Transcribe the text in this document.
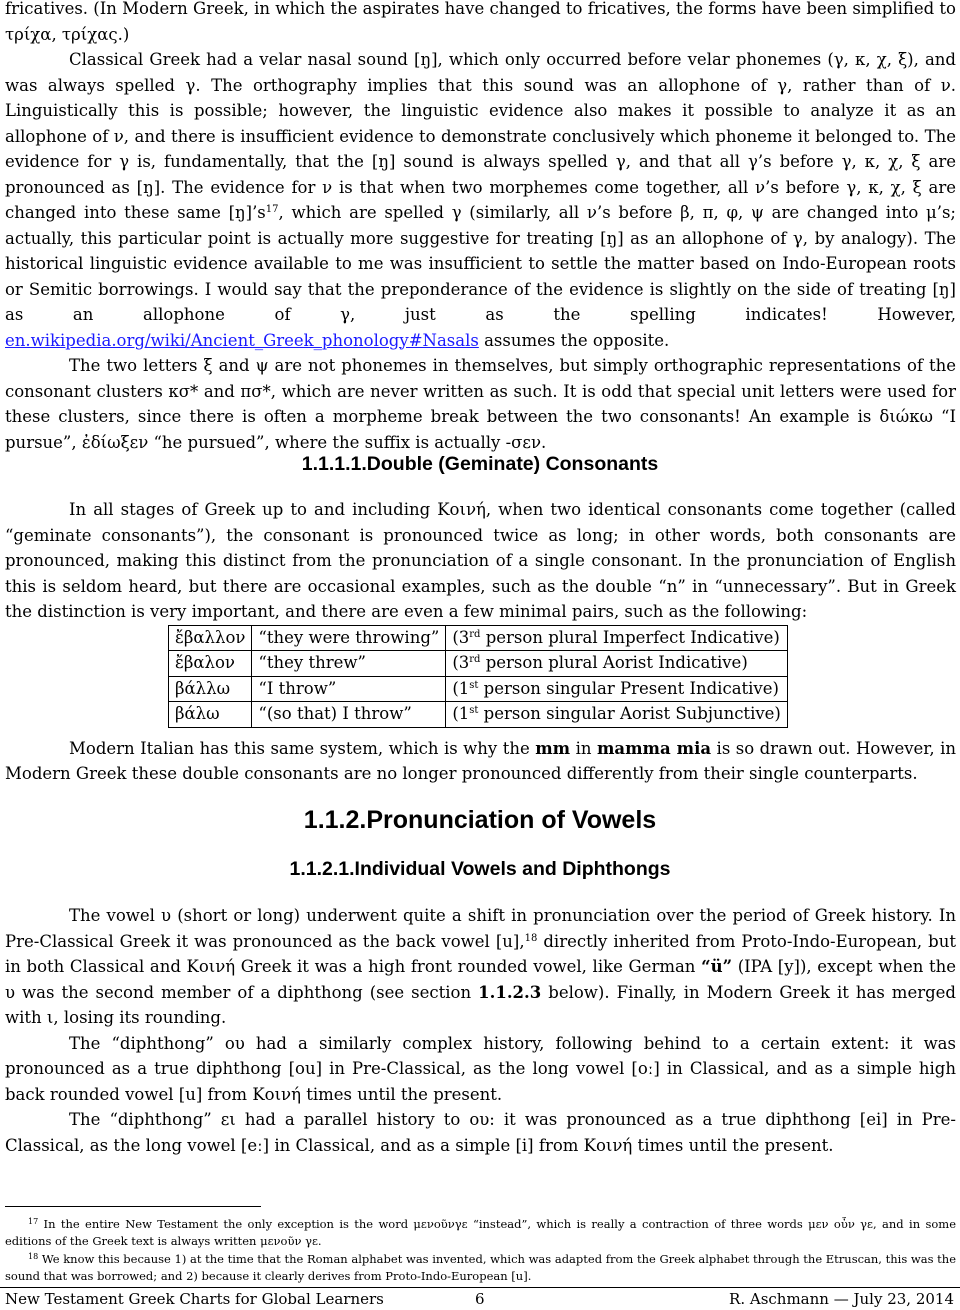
fricatives. (In Modern Greek, in which the aspirates have changed to fricatives, the forms have been simplified to τρίχα, τρίχας.)

Classical Greek had a velar nasal sound [ŋ], which only occurred before velar phonemes (γ, κ, χ, ξ), and was always spelled γ. The orthography implies that this sound was an allophone of γ, rather than of ν. Linguistically this is possible; however, the linguistic evidence also makes it possible to analyze it as an allophone of ν, and there is insufficient evidence to demonstrate conclusively which phoneme it belonged to. The evidence for γ is, fundamentally, that the [ŋ] sound is always spelled γ, and that all γ’s before γ, κ, χ, ξ are pronounced as [ŋ]. The evidence for ν is that when two morphemes come together, all ν’s before γ, κ, χ, ξ are changed into these same $[ŋ]’s^{17}$, which are spelled γ (similarly, all ν’s before β, π, φ, ψ are changed into μ’s; actually, this particular point is actually more suggestive for treating [ŋ] as an allophone of γ, by analogy). The historical linguistic evidence available to me was insufficient to settle the matter based on Indo-European roots or Semitic borrowings. I would say that the preponderance of the evidence is slightly on the side of treating [ŋ] as an allophone of γ, just as the spelling indicates! However, en.wikipedia.org/wiki/Ancient_Greek_phonology#Nasals assumes the opposite.

The two letters ξ and ψ are not phonemes in themselves, but simply orthographic representations of the consonant clusters κσ* and πσ*, which are never written as such. It is odd that special unit letters were used for these clusters, since there is often a morpheme break between the two consonants! An example is διώκω “I pursue”, ἐδίωξεν “he pursued”, where the suffix is actually -σεν.

1.1.1.1.Double (Geminate) Consonants

In all stages of Greek up to and including Κοινή, when two identical consonants come together (called “geminate consonants”), the consonant is pronounced twice as long; in other words, both consonants are pronounced, making this distinct from the pronunciation of a single consonant. In the pronunciation of English this is seldom heard, but there are occasional examples, such as the double “n” in “unnecessary”. But in Greek the distinction is very important, and there are even a few minimal pairs, such as the following:

ἔβαλλον	“they were throwing”	(3rd person plural Imperfect Indicative)
ἔβαλον	“they threw”	(3rd person plural Aorist Indicative)
βάλλω	“I throw”	(1st person singular Present Indicative)
βάλω	“(so that) I throw”	(1st person singular Aorist Subjunctive)

Modern Italian has this same system, which is why the mm in mamma mia is so drawn out. However, in Modern Greek these double consonants are no longer pronounced differently from their single counterparts.

1.1.2.Pronunciation of Vowels
1.1.2.1.Individual Vowels and Diphthongs

The vowel υ (short or long) underwent quite a shift in pronunciation over the period of Greek history. In Pre-Classical Greek it was pronounced as the back vowel [u],$^{18}$ directly inherited from Proto-Indo-European, but in both Classical and Κοινή Greek it was a high front rounded vowel, like German “ü” (IPA [y]), except when the υ was the second member of a diphthong (see section 1.1.2.3 below). Finally, in Modern Greek it has merged with ι, losing its rounding.

The “diphthong” ου had a similarly complex history, following behind to a certain extent: it was pronounced as a true diphthong [ou] in Pre-Classical, as the long vowel [oː] in Classical, and as a simple high back rounded vowel [u] from Κοινή times until the present.

The “diphthong” ει had a parallel history to ου: it was pronounced as a true diphthong [ei] in Pre-Classical, as the long vowel [eː] in Classical, and as a simple [i] from Κοινή times until the present.

$^{17}$ In the entire New Testament the only exception is the word μενοῦνγε “instead”, which is really a contraction of three words μεν οὖν γε, and in some editions of the Greek text is always written μενοῦν γε.

$^{18}$ We know this because 1) at the time that the Roman alphabet was invented, which was adapted from the Greek alphabet through the Etruscan, this was the sound that was borrowed; and 2) because it clearly derives from Proto-Indo-European [u].

New Testament Greek Charts for Global Learners	6	R. Aschmann — July 23, 2014
